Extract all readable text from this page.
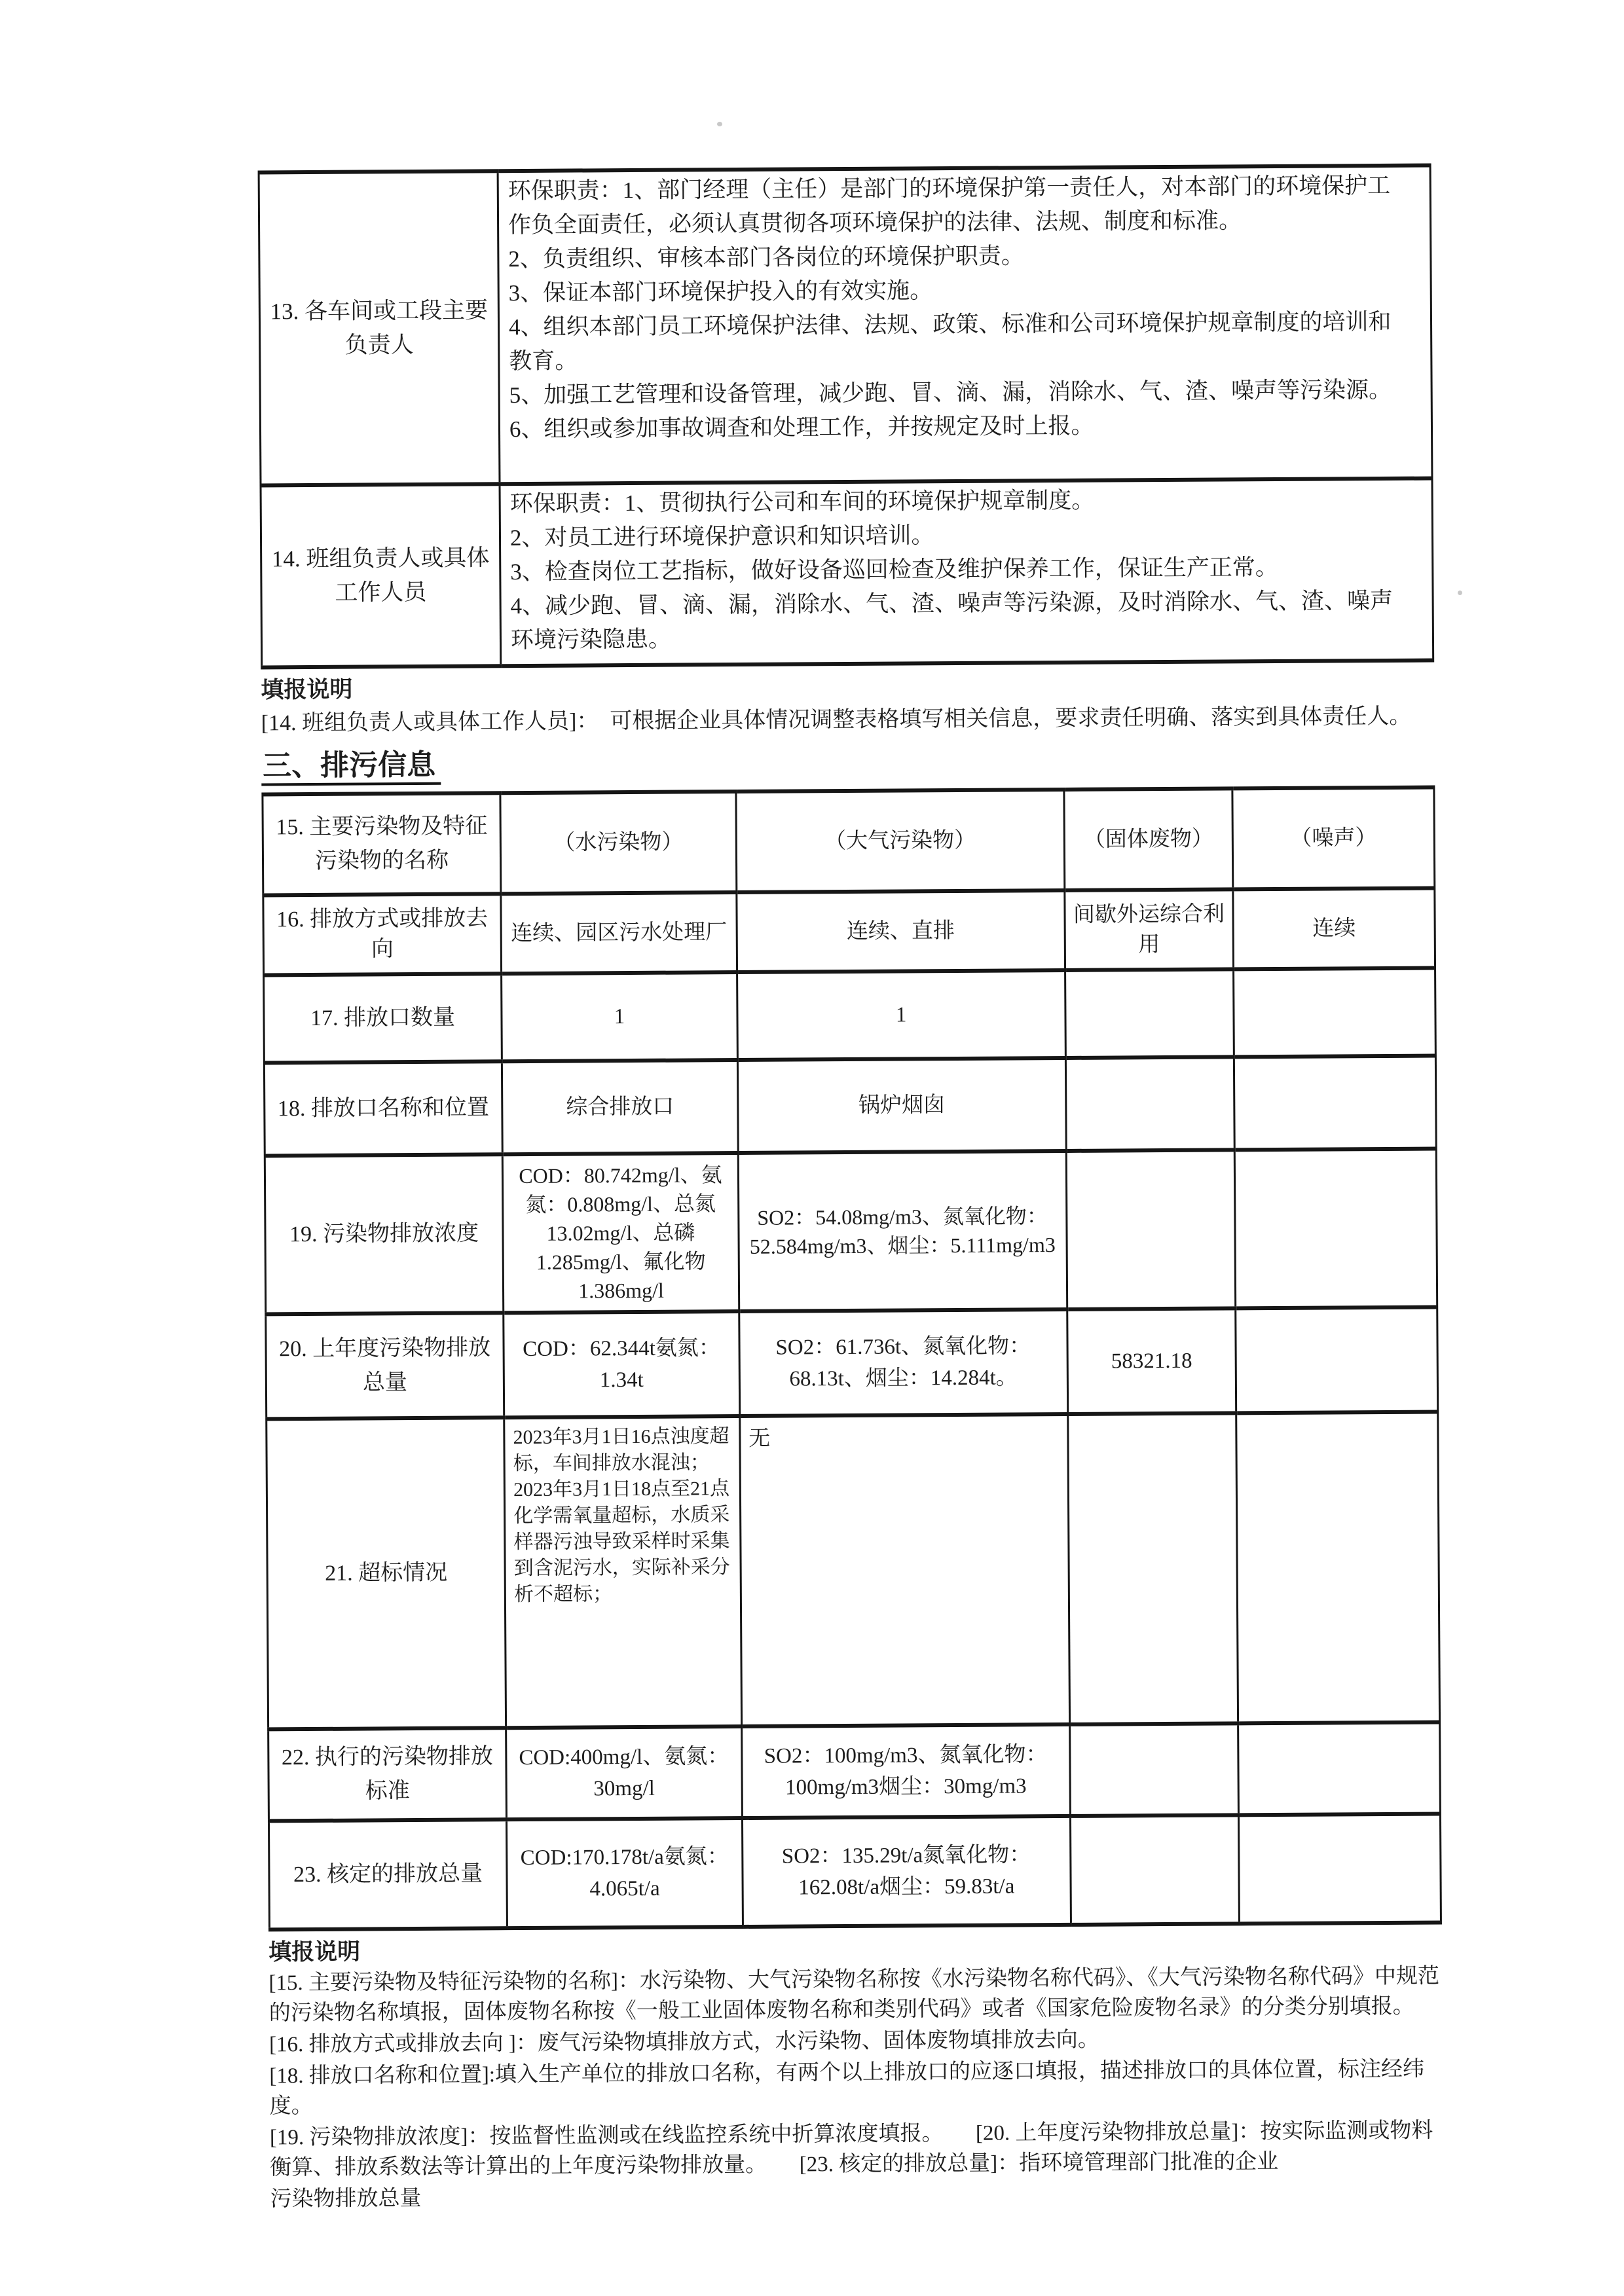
13. 各车间或工段主要负责人	
环保职责：1、部门经理（主任）是部门的环境保护第一责任人，对本部门的环境保护工作负全面责任，必须认真贯彻各项环境保护的法律、法规、制度和标准。
2、负责组织、审核本部门各岗位的环境保护职责。
3、保证本部门环境保护投入的有效实施。
4、组织本部门员工环境保护法律、法规、政策、标准和公司环境保护规章制度的培训和教育。
5、加强工艺管理和设备管理，减少跑、冒、滴、漏，消除水、气、渣、噪声等污染源。
6、组织或参加事故调查和处理工作，并按规定及时上报。

14. 班组负责人或具体工作人员	环保职责：1、贯彻执行公司和车间的环境保护规章制度。
2、对员工进行环境保护意识和知识培训。
3、检查岗位工艺指标，做好设备巡回检查及维护保养工作，保证生产正常。
4、减少跑、冒、滴、漏，消除水、气、渣、噪声等污染源，及时消除水、气、渣、噪声环境污染隐患。
填报说明
[14. 班组负责人或具体工作人员]：　可根据企业具体情况调整表格填写相关信息，要求责任明确、落实到具体责任人。
三、排污信息
15. 主要污染物及特征污染物的名称	（水污染物）	（大气污染物）	（固体废物）	（噪声）
16. 排放方式或排放去向	连续、园区污水处理厂	连续、直排	间歇外运综合利用	连续
17. 排放口数量	1	1		
18. 排放口名称和位置	综合排放口	锅炉烟囱		
19. 污染物排放浓度	COD：80.742mg/l、氨氮：0.808mg/l、总氮13.02mg/l、总磷1.285mg/l、氟化物1.386mg/l	SO2：54.08mg/m3、氮氧化物：52.584mg/m3、烟尘：5.111mg/m3		
20. 上年度污染物排放总量	COD：62.344t氨氮：1.34t	SO2：61.736t、氮氧化物：68.13t、烟尘：14.284t。	58321.18	
21. 超标情况	2023年3月1日16点浊度超标，车间排放水混浊；2023年3月1日18点至21点化学需氧量超标，水质采样器污浊导致采样时采集到含泥污水，实际补采分析不超标；	无		
22. 执行的污染物排放标准	COD:400mg/l、氨氮：30mg/l	SO2：100mg/m3、氮氧化物：100mg/m3烟尘：30mg/m3		
23. 核定的排放总量	COD:170.178t/a氨氮：4.065t/a	SO2：135.29t/a氮氧化物：162.08t/a烟尘：59.83t/a		
填报说明
[15. 主要污染物及特征污染物的名称]：水污染物、大气污染物名称按《水污染物名称代码》、《大气污染物名称代码》中规范的污染物名称填报，固体废物名称按《一般工业固体废物名称和类别代码》或者《国家危险废物名录》的分类分别填报。
[16. 排放方式或排放去向 ]：废气污染物填排放方式，水污染物、固体废物填排放去向。
[18. 排放口名称和位置]:填入生产单位的排放口名称，有两个以上排放口的应逐口填报，描述排放口的具体位置，标注经纬度。
[19. 污染物排放浓度]：按监督性监测或在线监控系统中折算浓度填报。　　[20. 上年度污染物排放总量]：按实际监测或物料衡算、排放系数法等计算出的上年度污染物排放量。　　[23. 核定的排放总量]：指环境管理部门批准的企业
污染物排放总量
